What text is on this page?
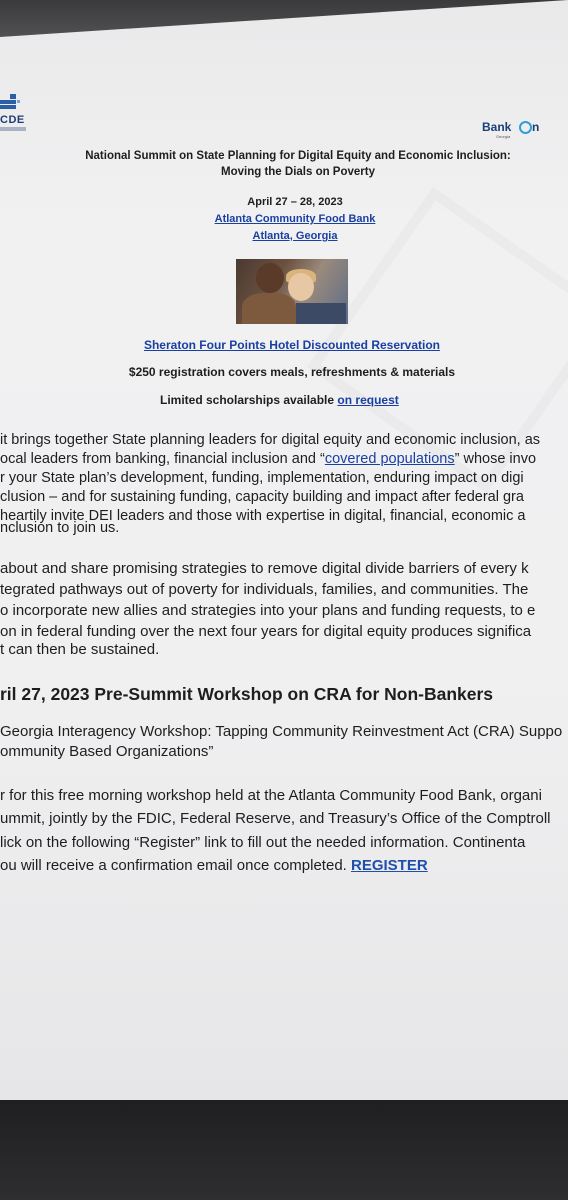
CDE	Bank n
Georgia
National Summit on State Planning for Digital Equity and Economic Inclusion:
Moving the Dials on Poverty
April 27 – 28, 2023
Atlanta Community Food Bank
Atlanta, Georgia
Sheraton Four Points Hotel Discounted Reservation
$250 registration covers meals, refreshments & materials
Limited scholarships available on request
it brings together State planning leaders for digital equity and economic inclusion, as
ocal leaders from banking, financial inclusion and “covered populations” whose invo
r your State plan’s development, funding, implementation, enduring impact on digi
clusion – and for sustaining funding, capacity building and impact after federal gra
heartily invite DEI leaders and those with expertise in digital, financial, economic a
nclusion to join us.
about and share promising strategies to remove digital divide barriers of every k
tegrated pathways out of poverty for individuals, families, and communities. The
o incorporate new allies and strategies into your plans and funding requests, to e
on in federal funding over the next four years for digital equity produces significa
t can then be sustained.
ril 27, 2023 Pre-Summit Workshop on CRA for Non-Bankers
Georgia Interagency Workshop: Tapping Community Reinvestment Act (CRA) Suppo
ommunity Based Organizations”
r for this free morning workshop held at the Atlanta Community Food Bank, organi
ummit, jointly by the FDIC, Federal Reserve, and Treasury’s Office of the Comptroll
lick on the following “Register” link to fill out the needed information. Continenta
ou will receive a confirmation email once completed. REGISTER
